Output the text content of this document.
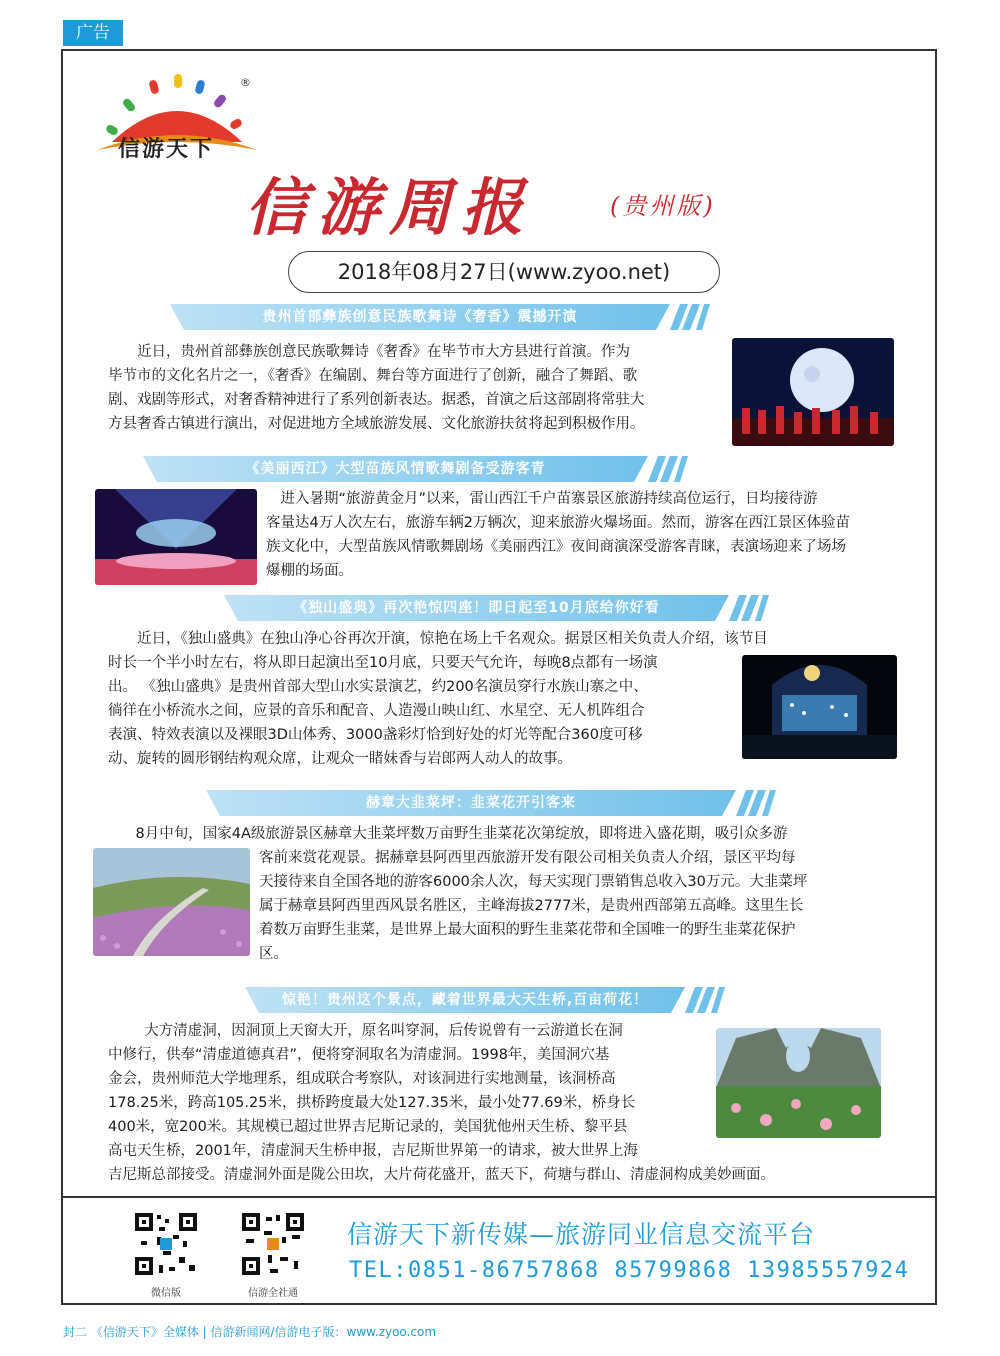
广告
信游天下
®
信游周报	(贵州版)
2018年08月27日(www.zyoo.net)
贵州首部彝族创意民族歌舞诗《奢香》震撼开演
近日，贵州首部彝族创意民族歌舞诗《奢香》在毕节市大方县进行首演。作为
毕节市的文化名片之一，《奢香》在编剧、舞台等方面进行了创新，融合了舞蹈、歌
剧、戏剧等形式，对奢香精神进行了系列创新表达。据悉，首演之后这部剧将常驻大
方县奢香古镇进行演出，对促进地方全域旅游发展、文化旅游扶贫将起到积极作用。
《美丽西江》大型苗族风情歌舞剧备受游客青
进入暑期“旅游黄金月”以来，雷山西江千户苗寨景区旅游持续高位运行，日均接待游
客量达4万人次左右，旅游车辆2万辆次，迎来旅游火爆场面。然而，游客在西江景区体验苗
族文化中，大型苗族风情歌舞剧场《美丽西江》夜间商演深受游客青睐，表演场迎来了场场
爆棚的场面。
《独山盛典》再次艳惊四座！即日起至10月底给你好看
近日，《独山盛典》在独山净心谷再次开演，惊艳在场上千名观众。据景区相关负责人介绍，该节目
时长一个半小时左右，将从即日起演出至10月底，只要天气允许，每晚8点都有一场演
出。 《独山盛典》是贵州首部大型山水实景演艺，约200名演员穿行水族山寨之中、
徜徉在小桥流水之间，应景的音乐和配音、人造漫山映山红、水星空、无人机阵组合
表演、特效表演以及裸眼3D山体秀、3000盏彩灯恰到好处的灯光等配合360度可移
动、旋转的圆形钢结构观众席，让观众一睹妹香与岩郎两人动人的故事。
赫章大韭菜坪：韭菜花开引客来
8月中旬，国家4A级旅游景区赫章大韭菜坪数万亩野生韭菜花次第绽放，即将进入盛花期，吸引众多游
客前来赏花观景。据赫章县阿西里西旅游开发有限公司相关负责人介绍，景区平均每
天接待来自全国各地的游客6000余人次，每天实现门票销售总收入30万元。大韭菜坪
属于赫章县阿西里西风景名胜区，主峰海拔2777米，是贵州西部第五高峰。这里生长
着数万亩野生韭菜，是世界上最大面积的野生韭菜花带和全国唯一的野生韭菜花保护
区。
惊艳！贵州这个景点，藏着世界最大天生桥,百亩荷花！
大方清虚洞，因洞顶上天窗大开，原名叫穿洞，后传说曾有一云游道长在洞
中修行，供奉“清虚道德真君”，便将穿洞取名为清虚洞。1998年，美国洞穴基
金会，贵州师范大学地理系，组成联合考察队，对该洞进行实地测量，该洞桥高
178.25米，跨高105.25米，拱桥跨度最大处127.35米，最小处77.69米，桥身长
400米，宽200米。其规模已超过世界吉尼斯记录的，美国犹他州天生桥、黎平县
高屯天生桥，2001年，清虚洞天生桥申报，吉尼斯世界第一的请求，被大世界上海
吉尼斯总部接受。清虚洞外面是陇公田坎，大片荷花盛开，蓝天下，荷塘与群山、清虚洞构成美妙画面。
微信版	信游全社通
信游天下新传媒—旅游同业信息交流平台
TEL:0851-86757868 85799868 13985557924
封二 《信游天下》全媒体 | 信游新闻网/信游电子版：www.zyoo.com
